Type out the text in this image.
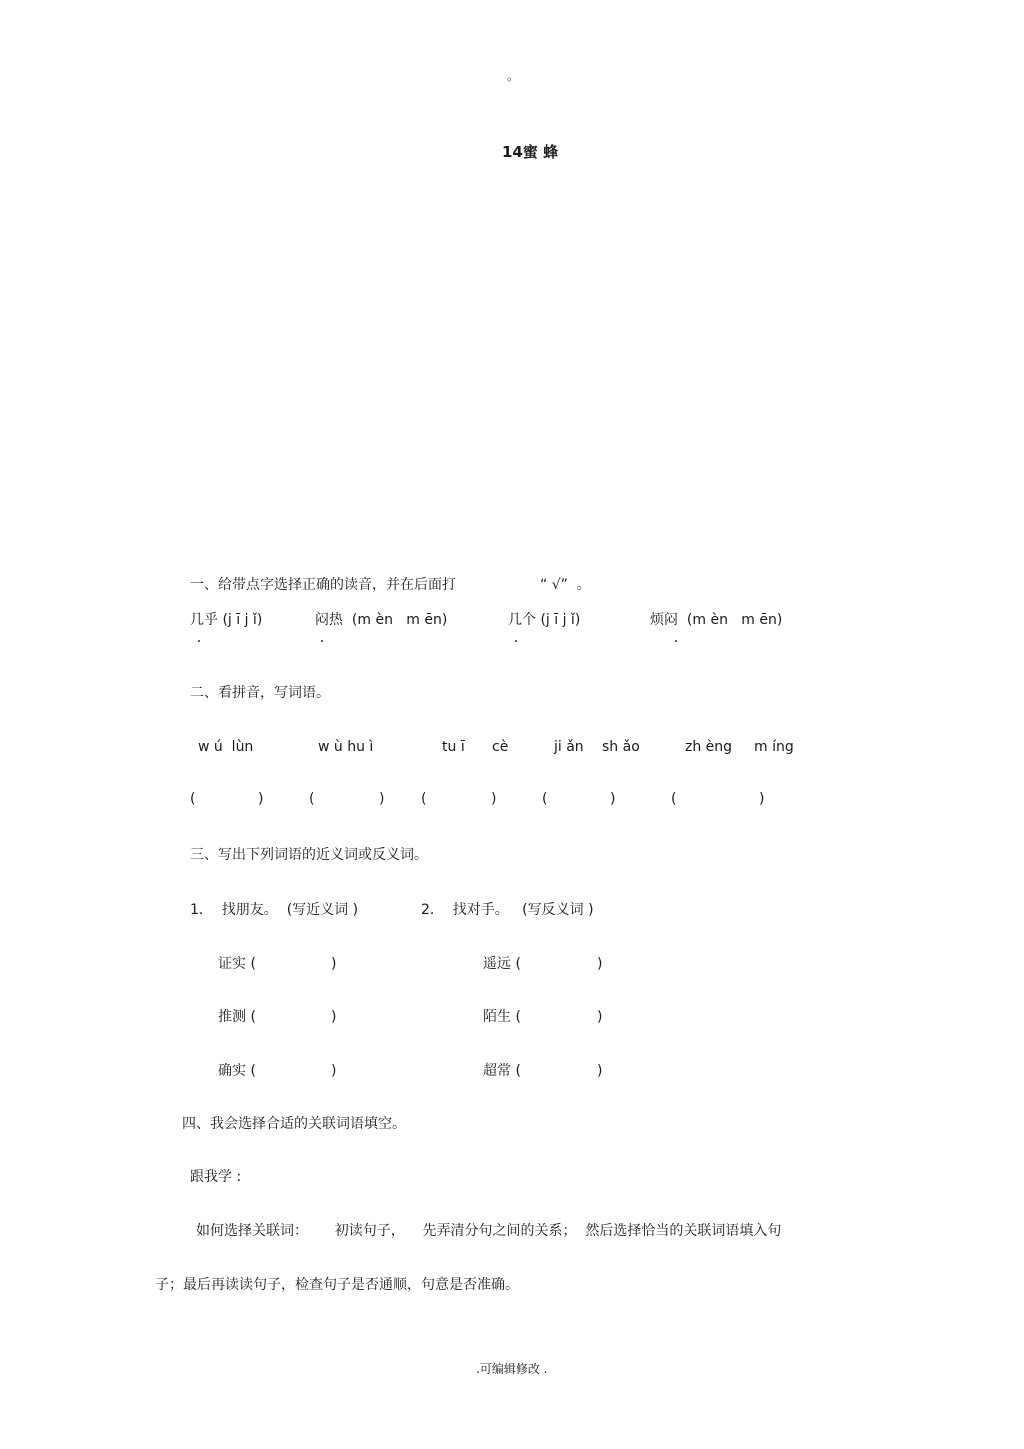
。
14蜜 蜂
一、给带点字选择正确的读音，并在后面打	“ √”  。
几乎 (j ī j ǐ)	闷热  (m èn   m ēn)	几个 (j ī j ǐ)	烦闷  (m èn   m ēn)
二、看拼音，写词语。
w ú  lùn	w ù hu ì	tu ī cè	ji ǎn sh ǎo	zh èng m íng
(	)	(	)	(	)	(	)	(	)
三、写出下列词语的近义词或反义词。
1．  找朋友。  (写近义词 )	2．  找对手。   (写反义词 )
证实 (	)	遥远 (	)
推测 (	)	陌生 (	)
确实 (	)	超常 (	)
四、我会选择合适的关联词语填空。
跟我学 :
如何选择关联词：      初读句子，    先弄清分句之间的关系；  然后选择恰当的关联词语填入句
子；最后再读读句子，检查句子是否通顺，句意是否准确。
.可编辑修改 .
